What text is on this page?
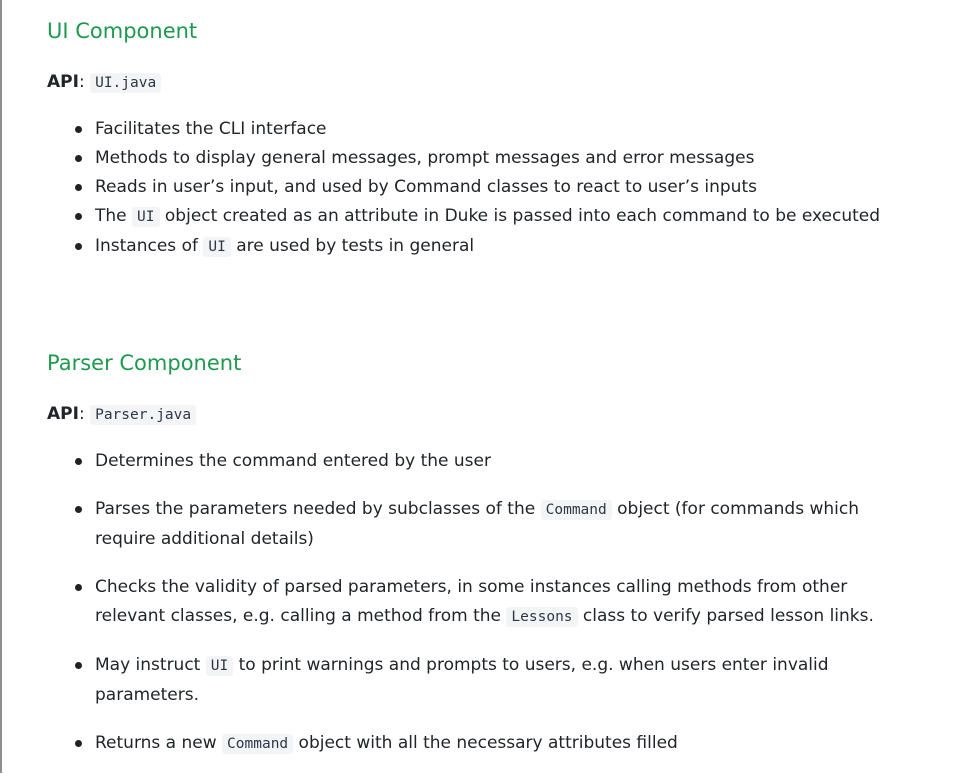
UI Component

API: UI.java

Facilitates the CLI interface
Methods to display general messages, prompt messages and error messages
Reads in user’s input, and used by Command classes to react to user’s inputs
The UI object created as an attribute in Duke is passed into each command to be executed
Instances of UI are used by tests in general
Parser Component

API: Parser.java

Determines the command entered by the user
Parses the parameters needed by subclasses of the Command object (for commands which
require additional details)
Checks the validity of parsed parameters, in some instances calling methods from other
relevant classes, e.g. calling a method from the Lessons class to verify parsed lesson links.
May instruct UI to print warnings and prompts to users, e.g. when users enter invalid
parameters.
Returns a new Command object with all the necessary attributes filled
